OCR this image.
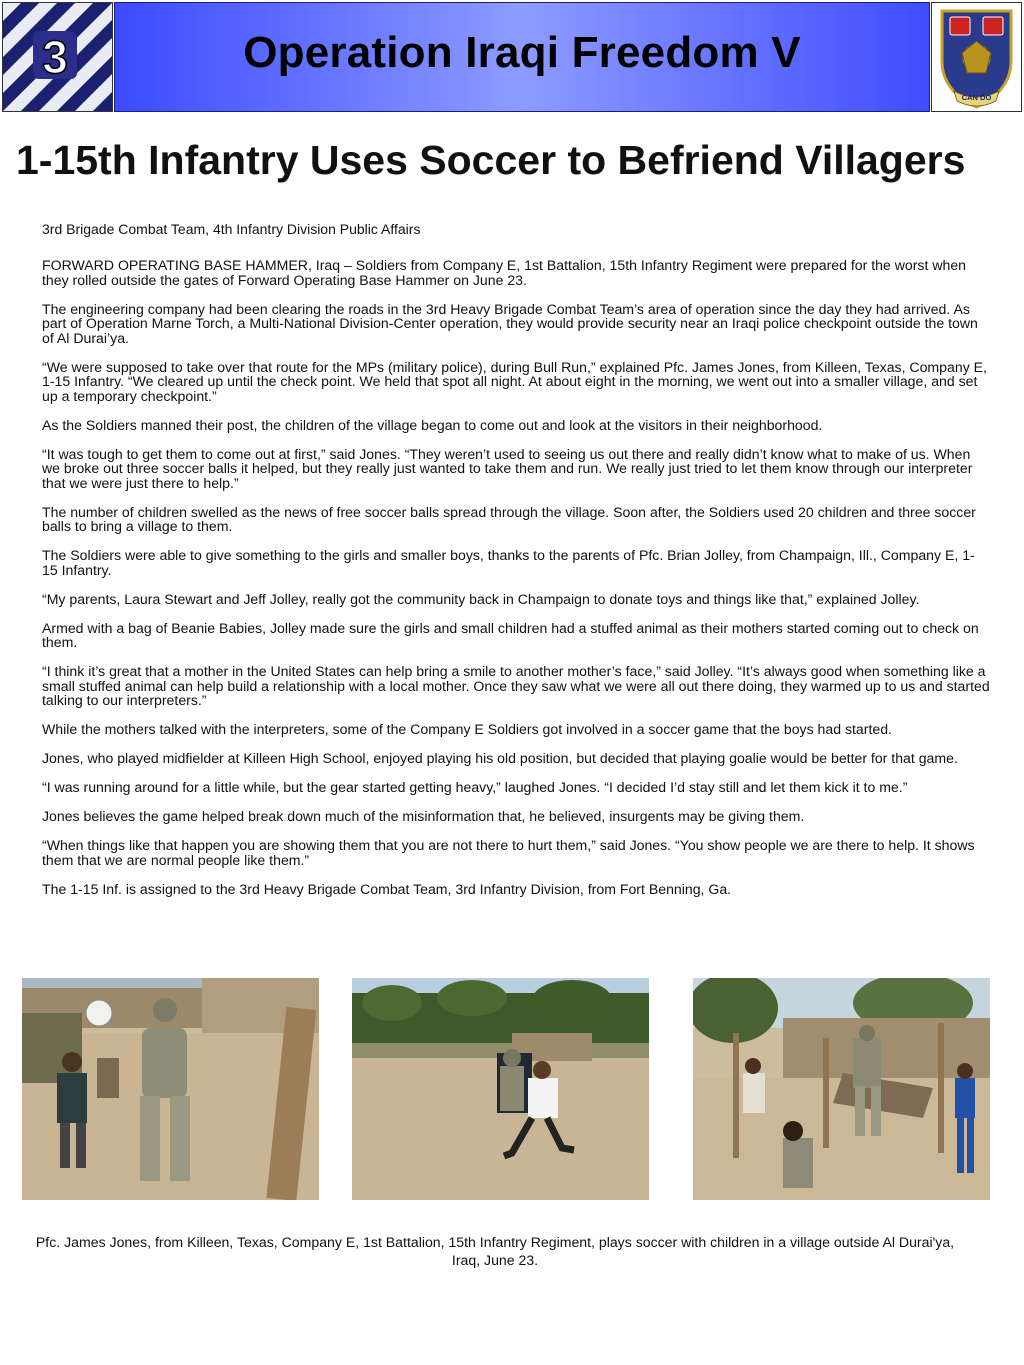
3	Operation Iraqi Freedom V
CAN DO
1-15th Infantry Uses Soccer to Befriend Villagers

3rd Brigade Combat Team, 4th Infantry Division Public Affairs

FORWARD OPERATING BASE HAMMER, Iraq – Soldiers from Company E, 1st Battalion, 15th Infantry Regiment were prepared for the worst when they rolled outside the gates of Forward Operating Base Hammer on June 23.

The engineering company had been clearing the roads in the 3rd Heavy Brigade Combat Team’s area of operation since the day they had arrived. As part of Operation Marne Torch, a Multi-National Division-Center operation, they would provide security near an Iraqi police checkpoint outside the town of Al Durai’ya.

“We were supposed to take over that route for the MPs (military police), during Bull Run,” explained Pfc. James Jones, from Killeen, Texas, Company E, 1-15 Infantry. “We cleared up until the check point. We held that spot all night. At about eight in the morning, we went out into a smaller village, and set up a temporary checkpoint.”

As the Soldiers manned their post, the children of the village began to come out and look at the visitors in their neighborhood.

“It was tough to get them to come out at first,” said Jones. “They weren’t used to seeing us out there and really didn’t know what to make of us. When we broke out three soccer balls it helped, but they really just wanted to take them and run. We really just tried to let them know through our interpreter that we were just there to help.”

The number of children swelled as the news of free soccer balls spread through the village. Soon after, the Soldiers used 20 children and three soccer balls to bring a village to them.

The Soldiers were able to give something to the girls and smaller boys, thanks to the parents of Pfc. Brian Jolley, from Champaign, Ill., Company E, 1-15 Infantry.

“My parents, Laura Stewart and Jeff Jolley, really got the community back in Champaign to donate toys and things like that,” explained Jolley.

Armed with a bag of Beanie Babies, Jolley made sure the girls and small children had a stuffed animal as their mothers started coming out to check on them.

“I think it’s great that a mother in the United States can help bring a smile to another mother’s face,” said Jolley. “It’s always good when something like a small stuffed animal can help build a relationship with a local mother. Once they saw what we were all out there doing, they warmed up to us and started talking to our interpreters.”

While the mothers talked with the interpreters, some of the Company E Soldiers got involved in a soccer game that the boys had started.

Jones, who played midfielder at Killeen High School, enjoyed playing his old position, but decided that playing goalie would be better for that game.

“I was running around for a little while, but the gear started getting heavy,” laughed Jones. “I decided I’d stay still and let them kick it to me.”

Jones believes the game helped break down much of the misinformation that, he believed, insurgents may be giving them.

“When things like that happen you are showing them that you are not there to hurt them,” said Jones. “You show people we are there to help. It shows them that we are normal people like them.”

The 1-15 Inf. is assigned to the 3rd Heavy Brigade Combat Team, 3rd Infantry Division, from Fort Benning, Ga.

Pfc. James Jones, from Killeen, Texas, Company E, 1st Battalion, 15th Infantry Regiment, plays soccer with children in a village outside Al Durai'ya, Iraq, June 23.
